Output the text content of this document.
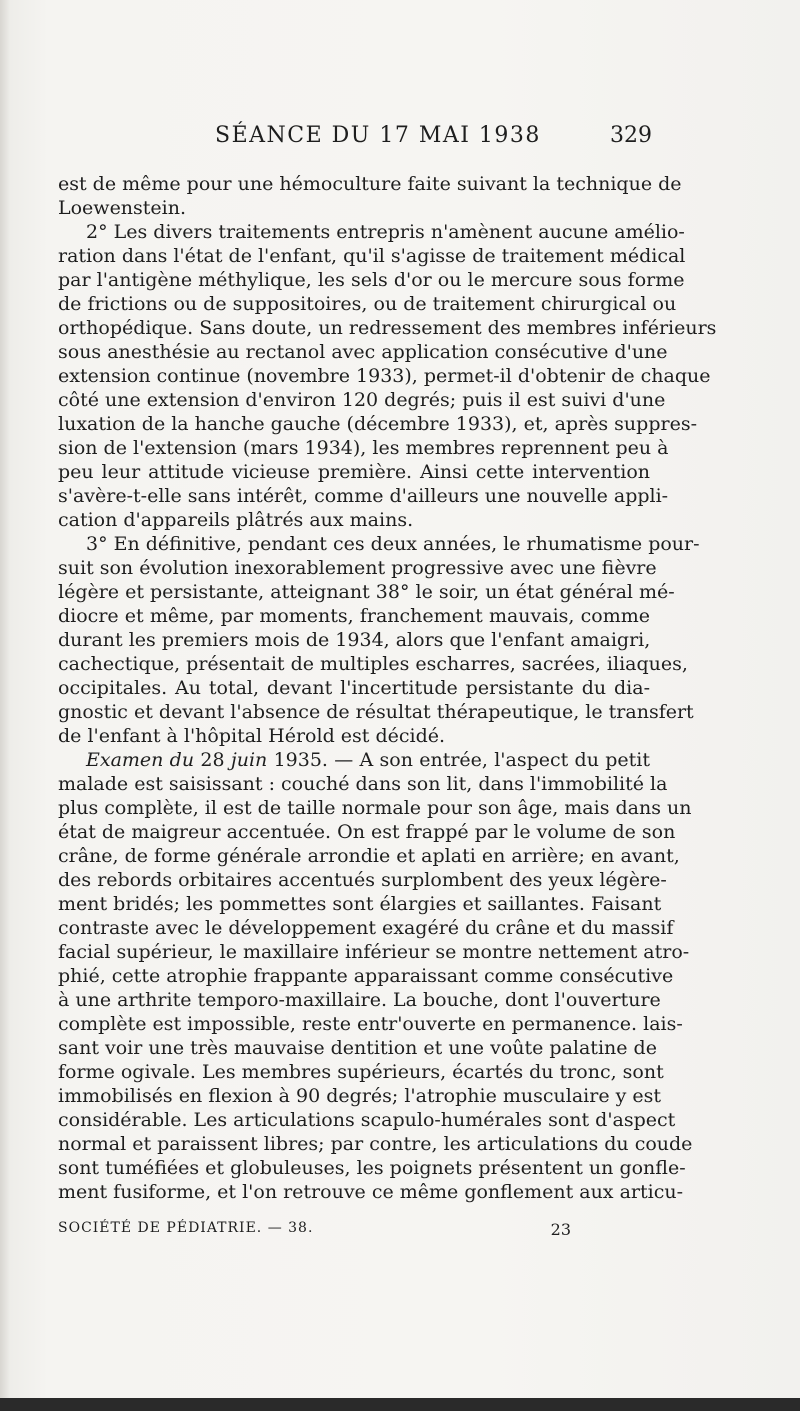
SÉANCE DU 17 MAI 1938	329
est de même pour une hémoculture faite suivant la technique de
Loewenstein.
2° Les divers traitements entrepris n'amènent aucune amélio-
ration dans l'état de l'enfant, qu'il s'agisse de traitement médical
par l'antigène méthylique, les sels d'or ou le mercure sous forme
de frictions ou de suppositoires, ou de traitement chirurgical ou
orthopédique. Sans doute, un redressement des membres inférieurs
sous anesthésie au rectanol avec application consécutive d'une
extension continue (novembre 1933), permet-il d'obtenir de chaque
côté une extension d'environ 120 degrés; puis il est suivi d'une
luxation de la hanche gauche (décembre 1933), et, après suppres-
sion de l'extension (mars 1934), les membres reprennent peu à
peu leur attitude vicieuse première. Ainsi cette intervention
s'avère-t-elle sans intérêt, comme d'ailleurs une nouvelle appli-
cation d'appareils plâtrés aux mains.
3° En définitive, pendant ces deux années, le rhumatisme pour-
suit son évolution inexorablement progressive avec une fièvre
légère et persistante, atteignant 38° le soir, un état général mé-
diocre et même, par moments, franchement mauvais, comme
durant les premiers mois de 1934, alors que l'enfant amaigri,
cachectique, présentait de multiples escharres, sacrées, iliaques,
occipitales. Au total, devant l'incertitude persistante du dia-
gnostic et devant l'absence de résultat thérapeutique, le transfert
de l'enfant à l'hôpital Hérold est décidé.
Examen du 28 juin 1935. — A son entrée, l'aspect du petit
malade est saisissant : couché dans son lit, dans l'immobilité la
plus complète, il est de taille normale pour son âge, mais dans un
état de maigreur accentuée. On est frappé par le volume de son
crâne, de forme générale arrondie et aplati en arrière; en avant,
des rebords orbitaires accentués surplombent des yeux légère-
ment bridés; les pommettes sont élargies et saillantes. Faisant
contraste avec le développement exagéré du crâne et du massif
facial supérieur, le maxillaire inférieur se montre nettement atro-
phié, cette atrophie frappante apparaissant comme consécutive
à une arthrite temporo-maxillaire. La bouche, dont l'ouverture
complète est impossible, reste entr'ouverte en permanence. lais-
sant voir une très mauvaise dentition et une voûte palatine de
forme ogivale. Les membres supérieurs, écartés du tronc, sont
immobilisés en flexion à 90 degrés; l'atrophie musculaire y est
considérable. Les articulations scapulo-humérales sont d'aspect
normal et paraissent libres; par contre, les articulations du coude
sont tuméfiées et globuleuses, les poignets présentent un gonfle-
ment fusiforme, et l'on retrouve ce même gonflement aux articu-
SOCIÉTÉ DE PÉDIATRIE. — 38.	23
